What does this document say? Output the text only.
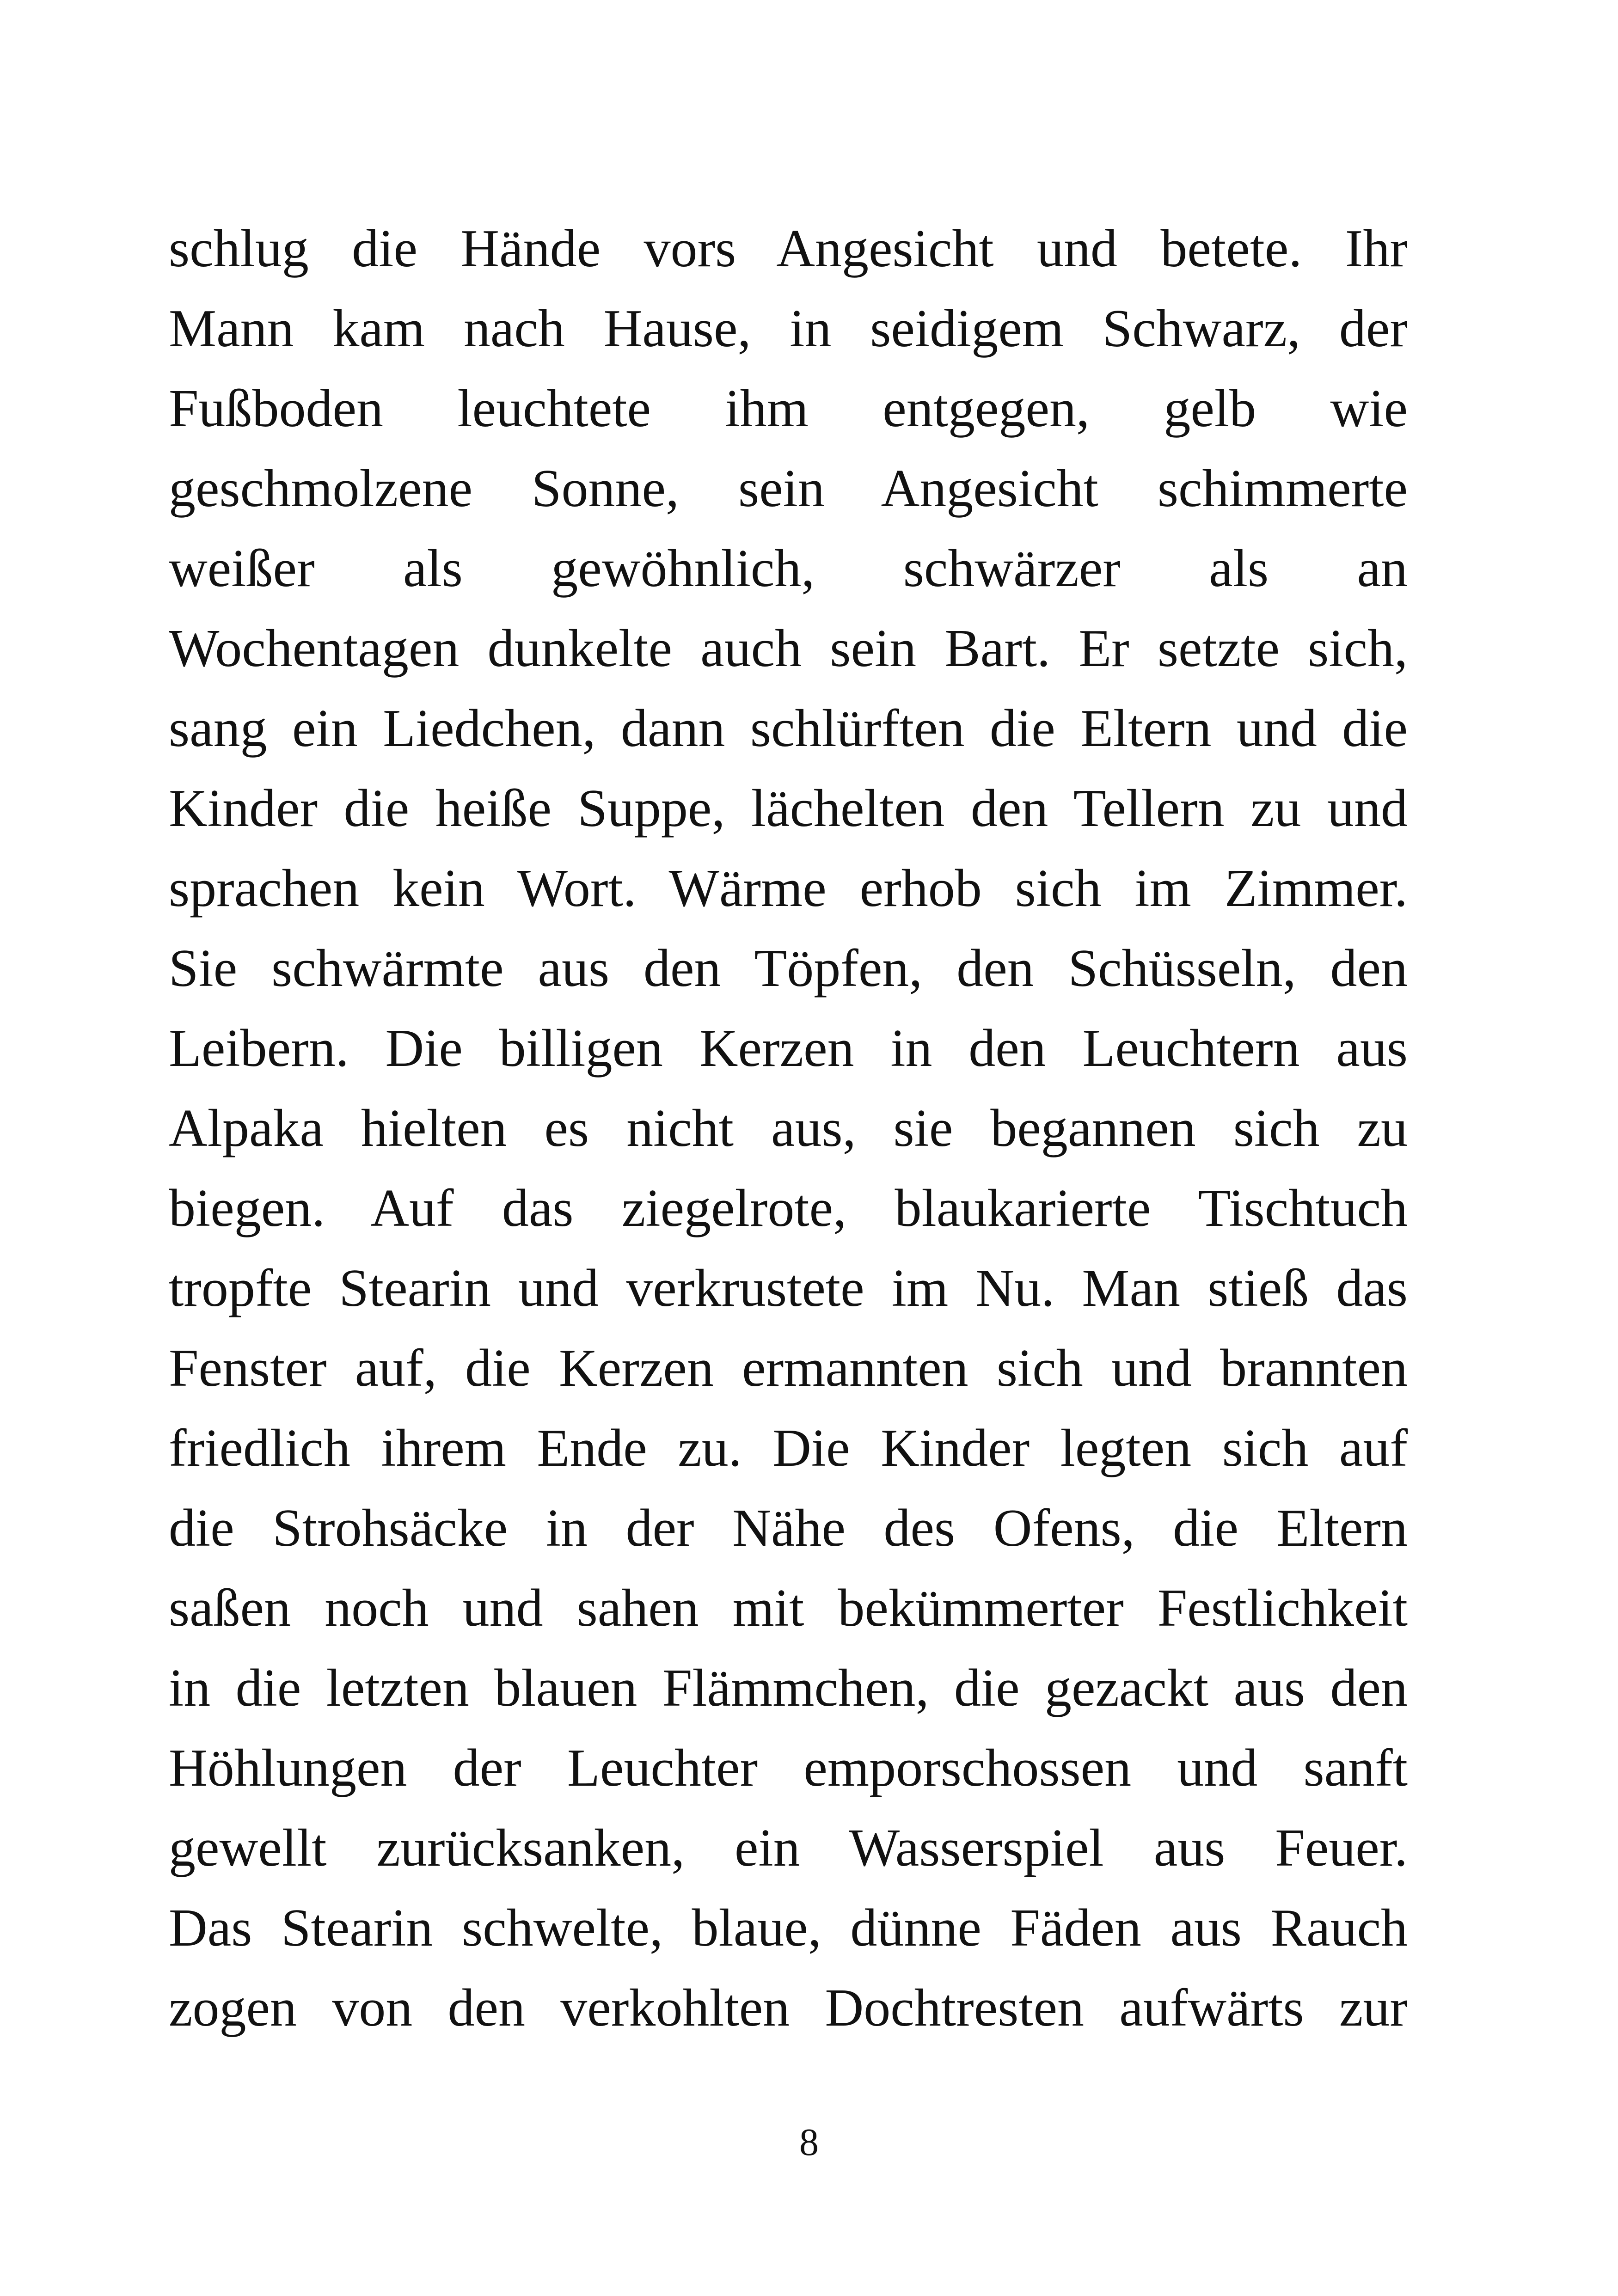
schlug die Hände vors Angesicht und betete. Ihr
Mann kam nach Hause, in seidigem Schwarz, der
Fußboden leuchtete ihm entgegen, gelb wie
geschmolzene Sonne, sein Angesicht schimmerte
weißer als gewöhnlich, schwärzer als an
Wochentagen dunkelte auch sein Bart. Er setzte sich,
sang ein Liedchen, dann schlürften die Eltern und die
Kinder die heiße Suppe, lächelten den Tellern zu und
sprachen kein Wort. Wärme erhob sich im Zimmer.
Sie schwärmte aus den Töpfen, den Schüsseln, den
Leibern. Die billigen Kerzen in den Leuchtern aus
Alpaka hielten es nicht aus, sie begannen sich zu
biegen. Auf das ziegelrote, blaukarierte Tischtuch
tropfte Stearin und verkrustete im Nu. Man stieß das
Fenster auf, die Kerzen ermannten sich und brannten
friedlich ihrem Ende zu. Die Kinder legten sich auf
die Strohsäcke in der Nähe des Ofens, die Eltern
saßen noch und sahen mit bekümmerter Festlichkeit
in die letzten blauen Flämmchen, die gezackt aus den
Höhlungen der Leuchter emporschossen und sanft
gewellt zurücksanken, ein Wasserspiel aus Feuer.
Das Stearin schwelte, blaue, dünne Fäden aus Rauch
zogen von den verkohlten Dochtresten aufwärts zur
8
